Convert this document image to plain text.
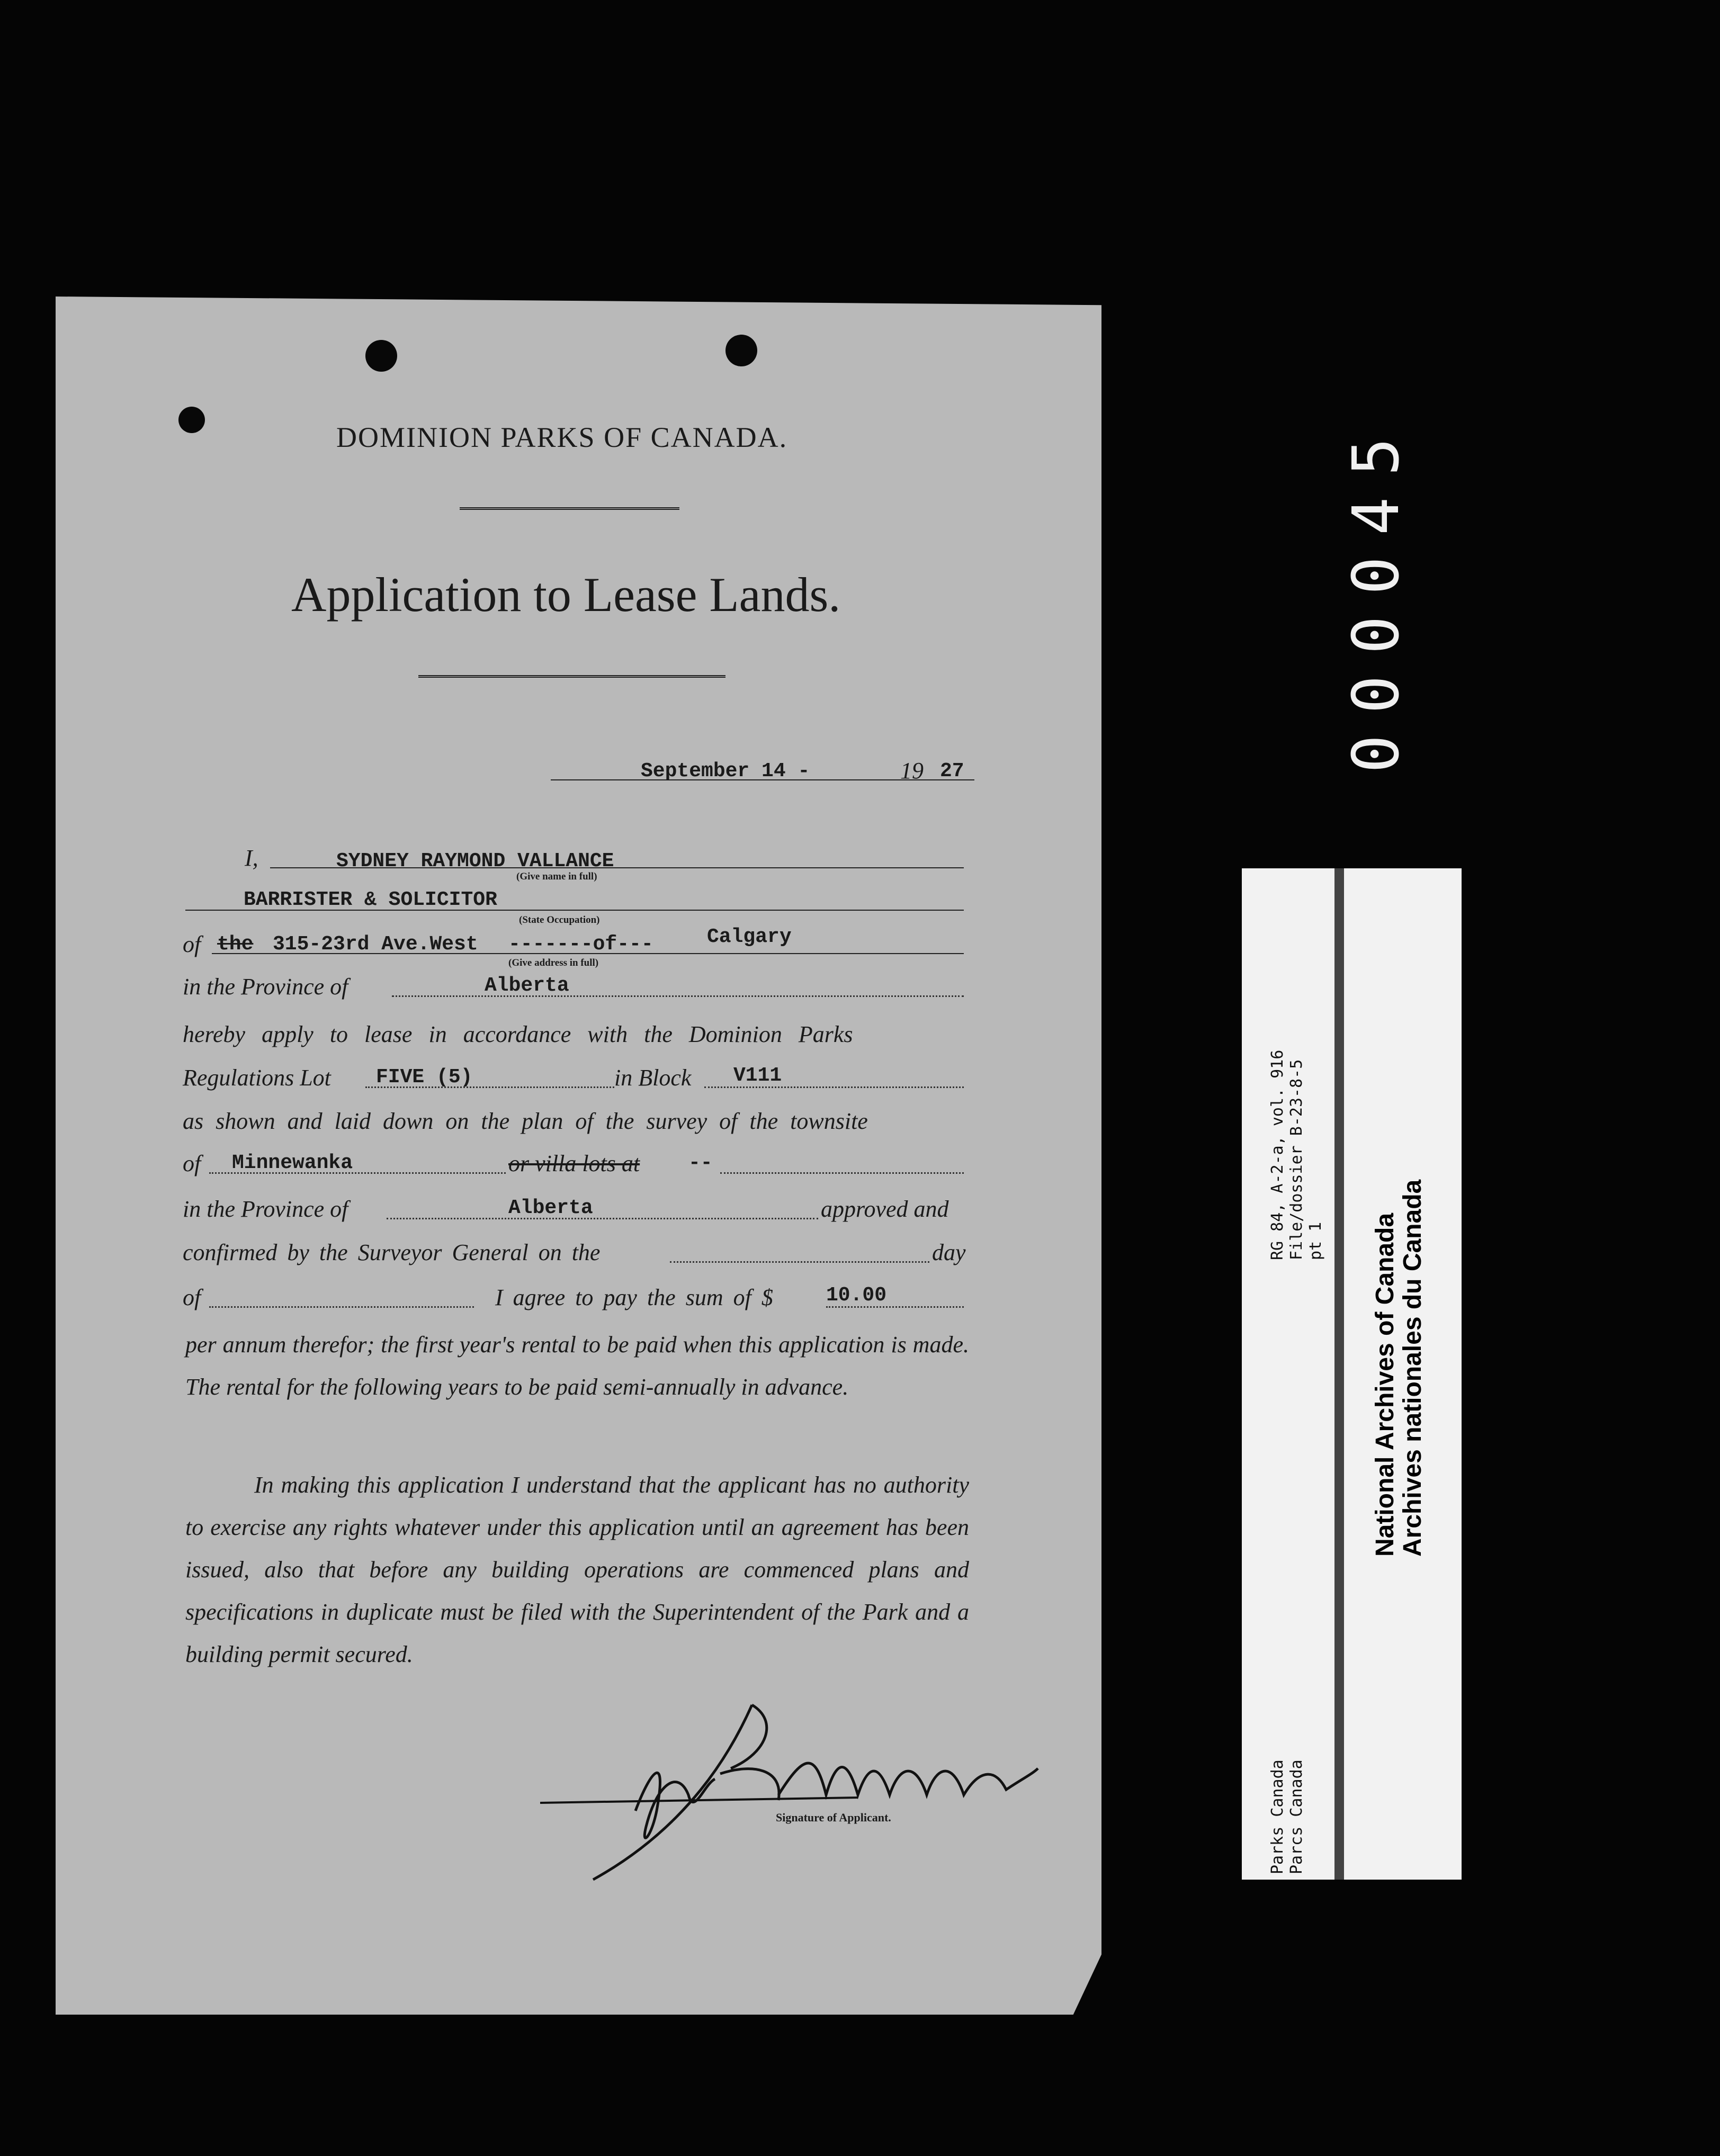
DOMINION PARKS OF CANADA.
Application to Lease Lands.
September 14 -	19 27
I,	SYDNEY RAYMOND VALLANCE
(Give name in full)
BARRISTER & SOLICITOR
(State Occupation)
of the 315-23rd Ave.West -------of---	Calgary
(Give address in full)
in the Province of	Alberta
hereby apply to lease in accordance with the Dominion Parks
Regulations Lot FIVE (5)	in Block V111
as shown and laid down on the plan of the survey of the townsite
of Minnewanka	or villa lots at --
in the Province of	Alberta	approved and
confirmed by the Surveyor General on the	day
of	I agree to pay the sum of $	10.00
per annum therefor; the first year's rental to be paid when this application is made. The rental for the following years to be paid semi-annually in advance.
In making this application I understand that the applicant has no authority to exercise any rights whatever under this application until an agreement has been issued, also that before any building operations are commenced plans and specifications in duplicate must be filed with the Superintendent of the Park and a building permit secured.
Signature of Applicant.
000045
RG 84, A-2-a, vol. 916 File/dossier B-23-8-5 pt 1
Parks Canada Parcs Canada
National Archives of Canada Archives nationales du Canada
